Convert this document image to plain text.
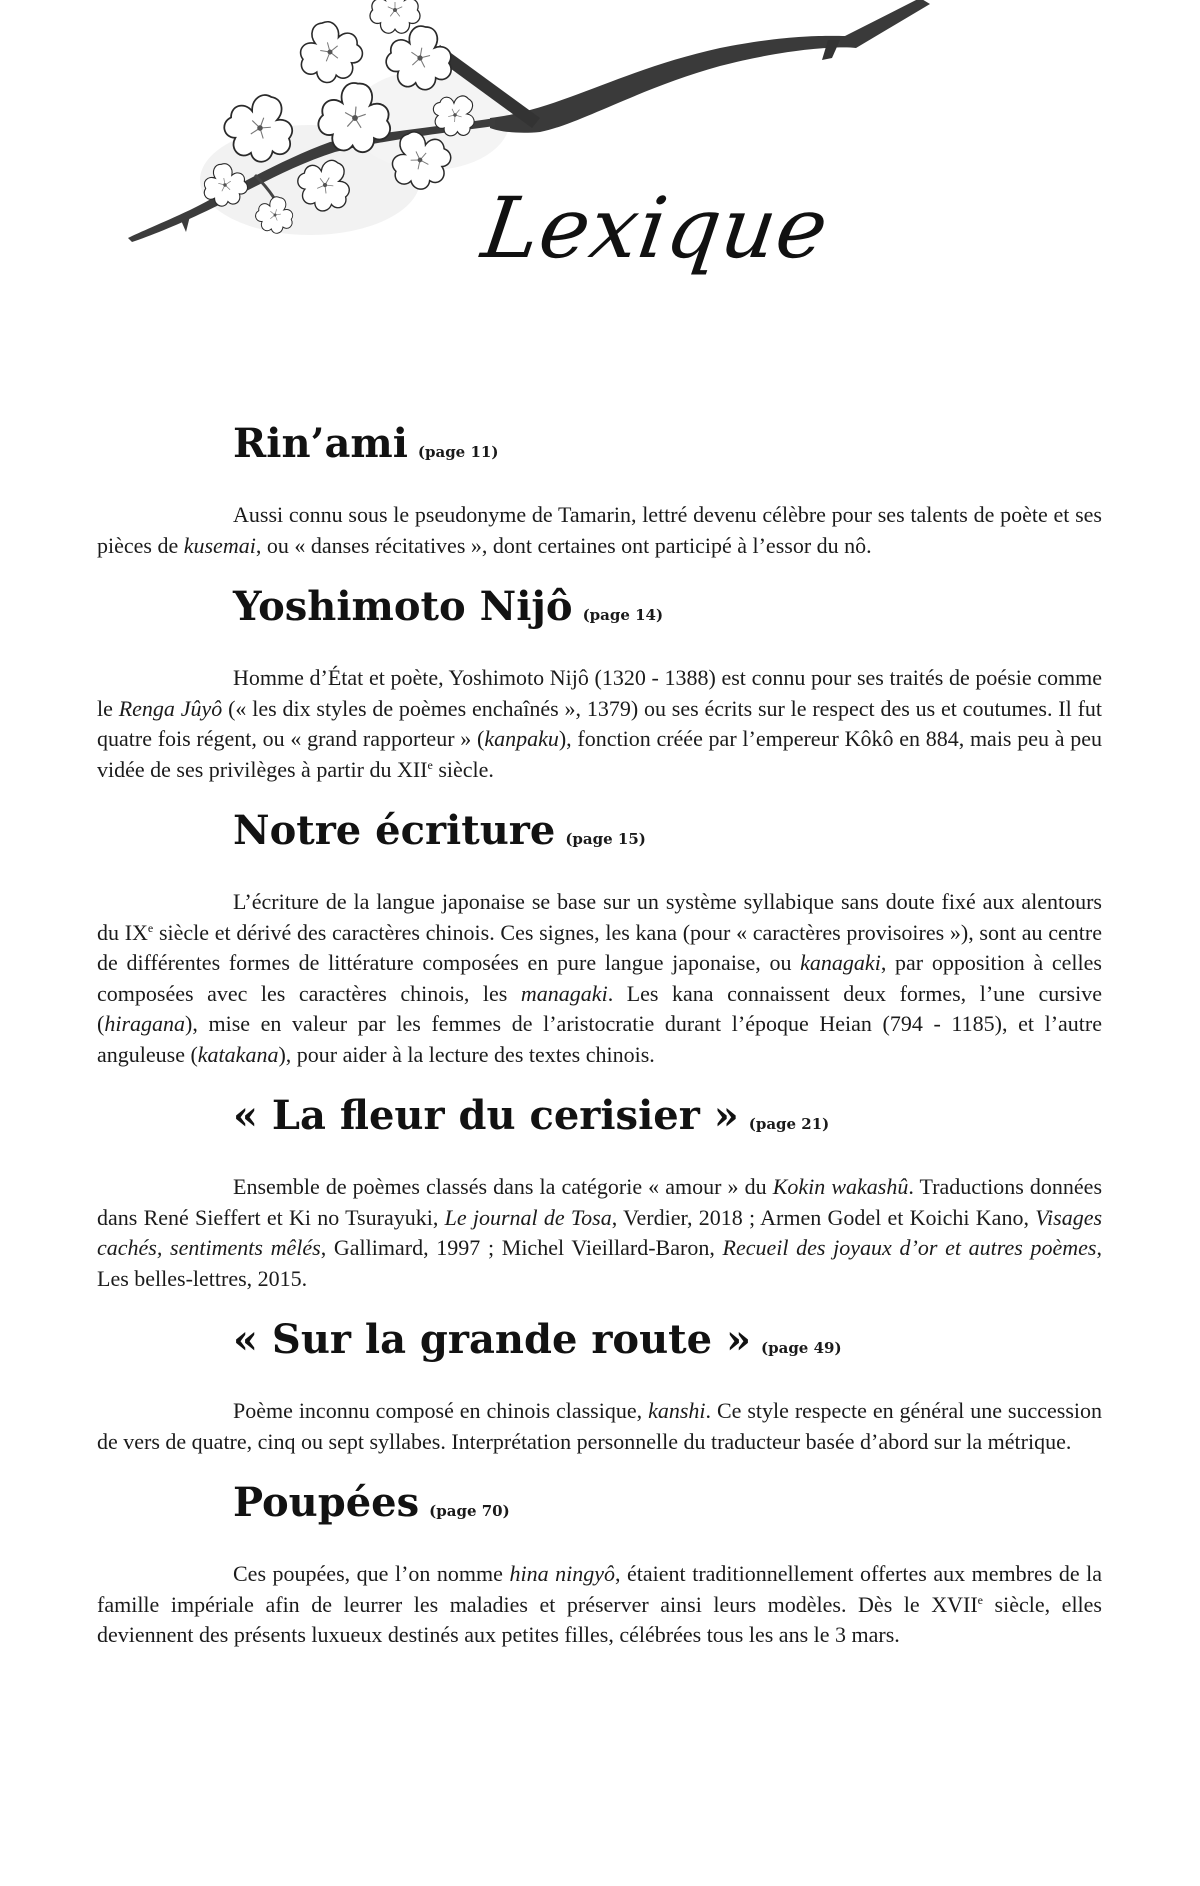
Lexique
Rin’ami (page 11)

Aussi connu sous le pseudonyme de Tamarin, lettré devenu célèbre pour ses talents de poète et ses pièces de kusemai, ou « danses récitatives », dont certaines ont participé à l’essor du nô.

Yoshimoto Nijô (page 14)

Homme d’État et poète, Yoshimoto Nijô (1320 - 1388) est connu pour ses traités de poésie comme le Renga Jûyô (« les dix styles de poèmes enchaînés », 1379) ou ses écrits sur le respect des us et coutumes. Il fut quatre fois régent, ou « grand rapporteur » (kanpaku), fonction créée par l’empereur Kôkô en 884, mais peu à peu vidée de ses privilèges à partir du XIIe siècle.

Notre écriture (page 15)

L’écriture de la langue japonaise se base sur un système syllabique sans doute fixé aux alentours du IXe siècle et dérivé des caractères chinois. Ces signes, les kana (pour « caractères provisoires »), sont au centre de différentes formes de littérature composées en pure langue japonaise, ou kanagaki, par opposition à celles composées avec les caractères chinois, les managaki. Les kana connaissent deux formes, l’une cursive (hiragana), mise en valeur par les femmes de l’aristocratie durant l’époque Heian (794 - 1185), et l’autre anguleuse (katakana), pour aider à la lecture des textes chinois.

« La fleur du cerisier » (page 21)

Ensemble de poèmes classés dans la catégorie « amour » du Kokin wakashû. Traductions données dans René Sieffert et Ki no Tsurayuki, Le journal de Tosa, Verdier, 2018 ; Armen Godel et Koichi Kano, Visages cachés, sentiments mêlés, Gallimard, 1997 ; Michel Vieillard-Baron, Recueil des joyaux d’or et autres poèmes, Les belles-lettres, 2015.

« Sur la grande route » (page 49)

Poème inconnu composé en chinois classique, kanshi. Ce style respecte en général une succession de vers de quatre, cinq ou sept syllabes. Interprétation personnelle du traducteur basée d’abord sur la métrique.

Poupées (page 70)

Ces poupées, que l’on nomme hina ningyô, étaient traditionnellement offertes aux membres de la famille impériale afin de leurrer les maladies et préserver ainsi leurs modèles. Dès le XVIIe siècle, elles deviennent des présents luxueux destinés aux petites filles, célébrées tous les ans le 3 mars.
